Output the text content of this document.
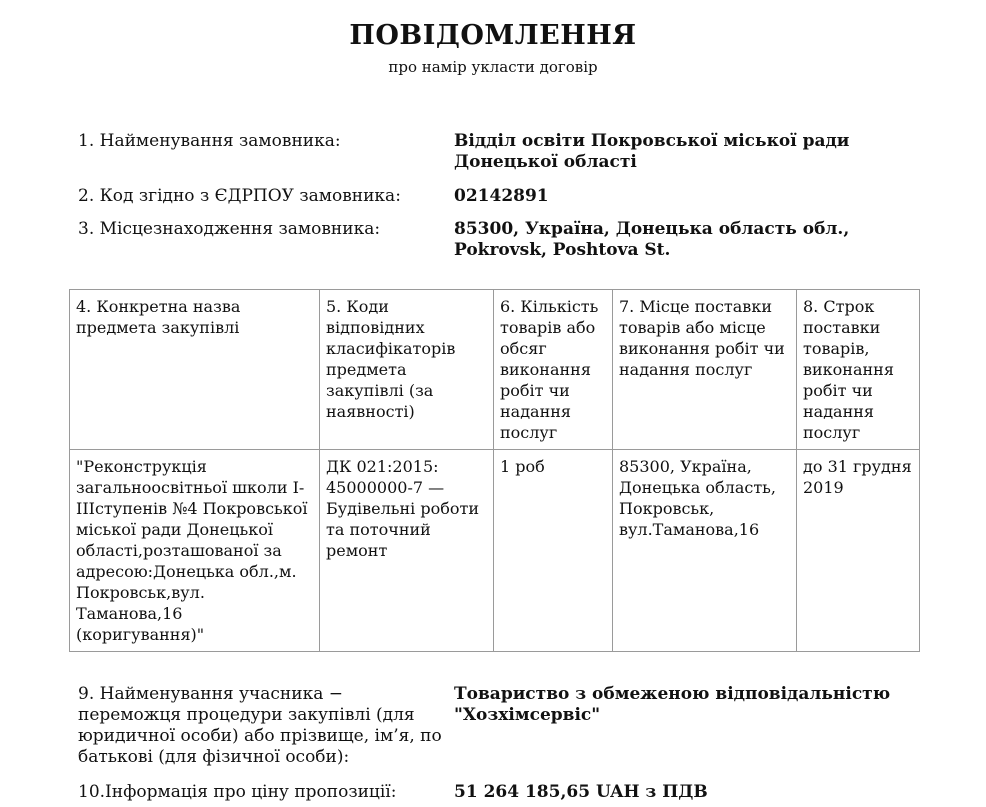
ПОВІДОМЛЕННЯ
про намір укласти договір
1. Найменування замовника:	Відділ освіти Покровської міської ради Донецької області
2. Код згідно з ЄДРПОУ замовника:	02142891
3. Місцезнаходження замовника:	85300, Україна, Донецька область обл., Pokrovsk, Poshtova St.
4. Конкретна назва предмета закупівлі	5. Коди відповідних класифікаторів предмета закупівлі (за наявності)	6. Кількість товарів або обсяг виконання робіт чи надання послуг	7. Місце поставки товарів або місце виконання робіт чи надання послуг	8. Строк поставки товарів, виконання робіт чи надання послуг
"Реконструкція загальноосвітньої школи І-ІІІступенів №4 Покровської міської ради Донецької області,розташованої за адресою:Донецька обл.,м. Покровськ,вул. Таманова,16 (коригування)"	ДК 021:2015: 45000000-7 — Будівельні роботи та поточний ремонт	1 роб	85300, Україна, Донецька область, Покровськ, вул.Таманова,16	до 31 грудня 2019
9. Найменування учасника − переможця процедури закупівлі (для юридичної особи) або прізвище, ім’я, по батькові (для фізичної особи):
Товариство з обмеженою відповідальністю "Хозхімсервіс"
10.Інформація про ціну пропозиції:	51 264 185,65 UAH з ПДВ
